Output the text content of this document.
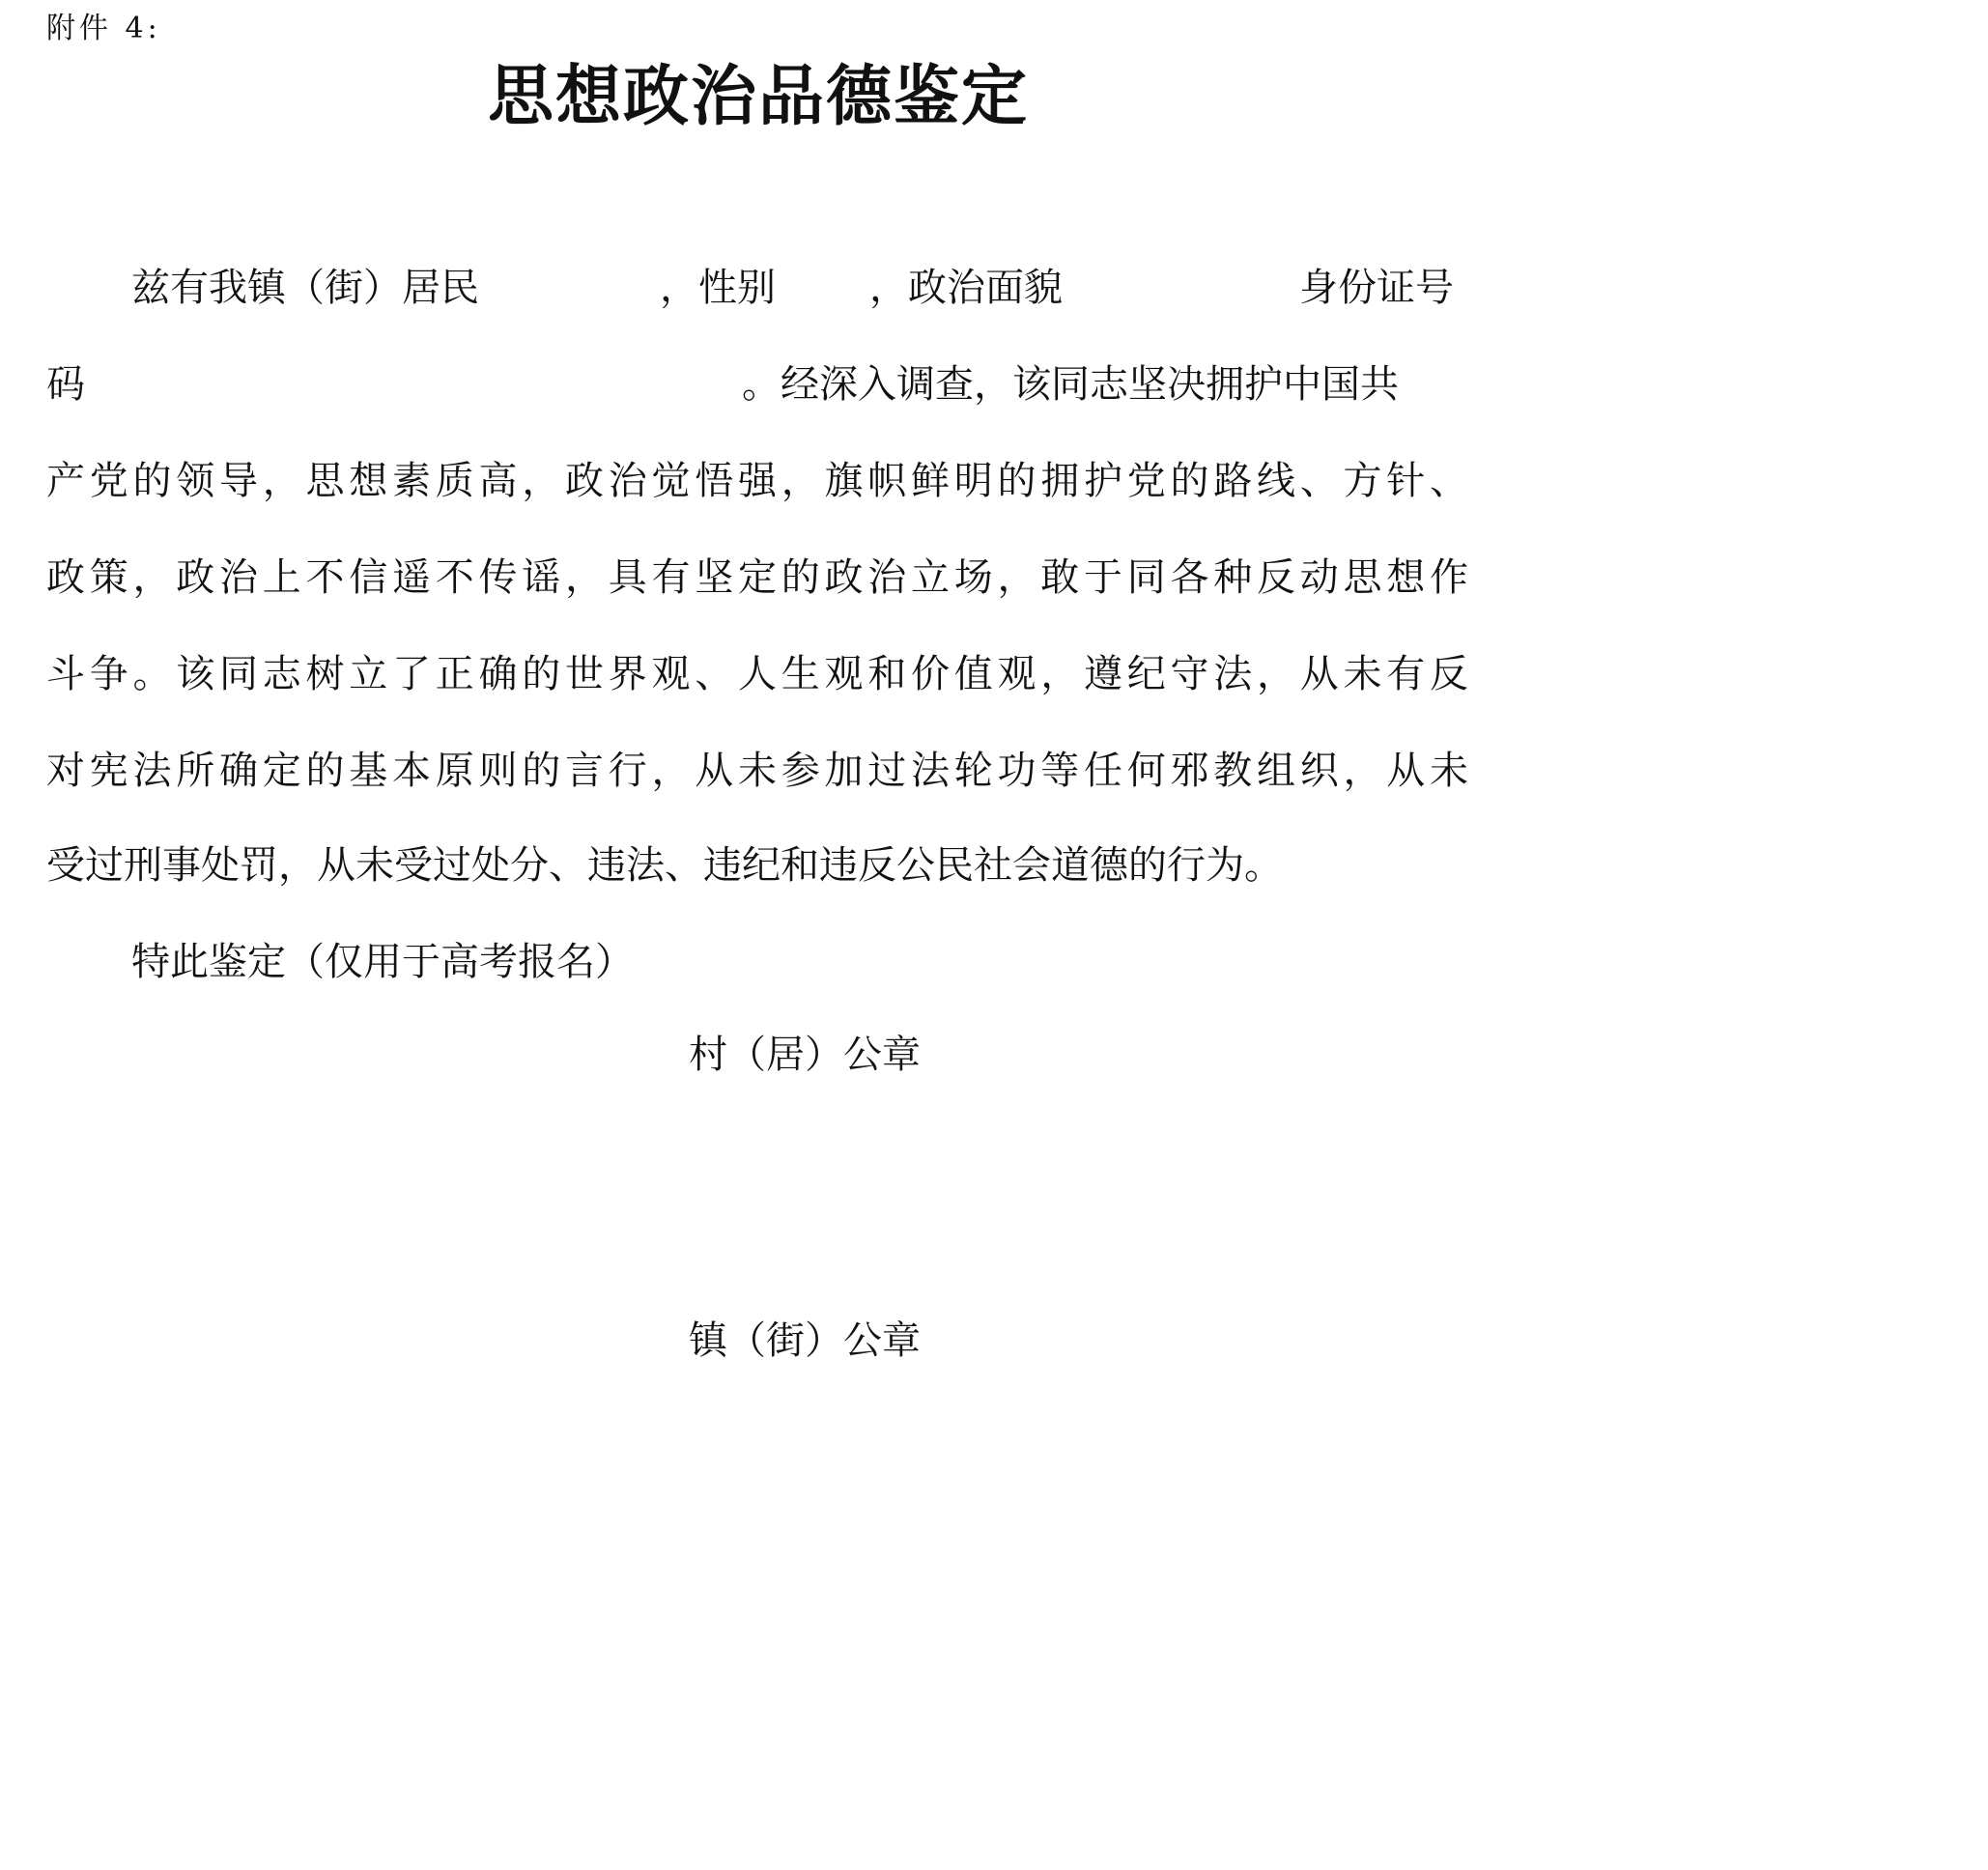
附件 4:
思想政治品德鉴定
兹有我镇（街）居民	，性别 ，政治面貌	身份证号
码	。经深入调查，该同志坚决拥护中国共
产党的领导，思想素质高，政治觉悟强，旗帜鲜明的拥护党的路线、方针、
政策，政治上不信遥不传谣，具有坚定的政治立场，敢于同各种反动思想作
斗争。该同志树立了正确的世界观、人生观和价值观，遵纪守法，从未有反
对宪法所确定的基本原则的言行，从未参加过法轮功等任何邪教组织，从未
受过刑事处罚，从未受过处分、违法、违纪和违反公民社会道德的行为。
特此鉴定（仅用于高考报名）
村（居）公章
镇（街）公章
